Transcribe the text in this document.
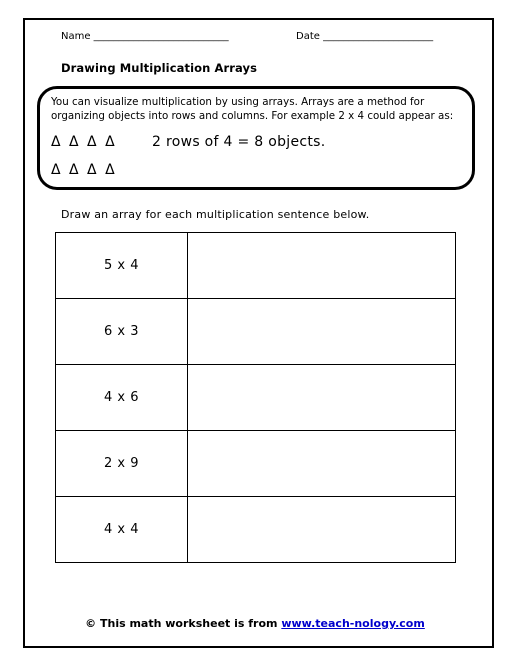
Name ___________________________	Date ______________________
Drawing Multiplication Arrays
You can visualize multiplication by using arrays. Arrays are a method for organizing objects into rows and columns. For example 2 x 4 could appear as:
Δ Δ Δ Δ	2 rows of 4 = 8 objects.
Δ Δ Δ Δ
Draw an array for each multiplication sentence below.
5 x 4	
6 x 3	
4 x 6	
2 x 9	
4 x 4	
© This math worksheet is from www.teach-nology.com
